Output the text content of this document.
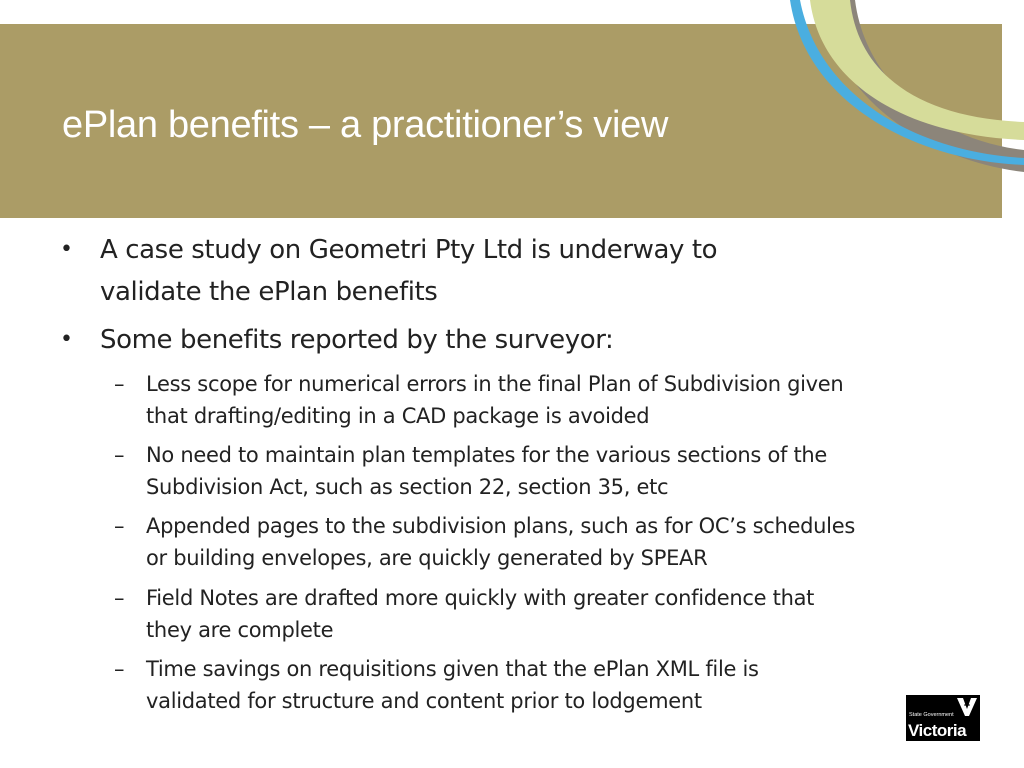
ePlan benefits – a practitioner’s view
• A case study on Geometri Pty Ltd is underway to
validate the ePlan benefits
• Some benefits reported by the surveyor:
– Less scope for numerical errors in the final Plan of Subdivision given
that drafting/editing in a CAD package is avoided
– No need to maintain plan templates for the various sections of the
Subdivision Act, such as section 22, section 35, etc
– Appended pages to the subdivision plans, such as for OC’s schedules
or building envelopes, are quickly generated by SPEAR
– Field Notes are drafted more quickly with greater confidence that
they are complete
– Time savings on requisitions given that the ePlan XML file is
validated for structure and content prior to lodgement
State Government
Victoria
